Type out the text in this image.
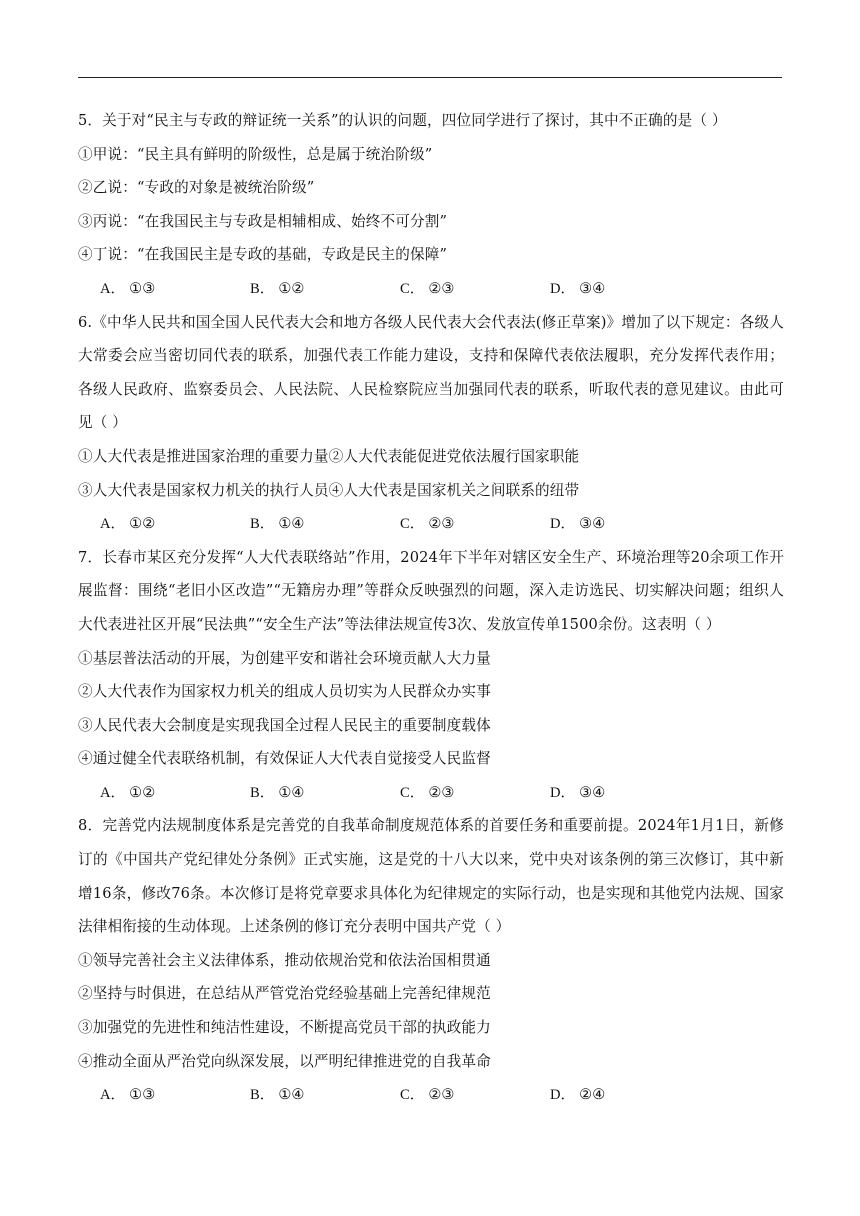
5．关于对“民主与专政的辩证统一关系”的认识的问题，四位同学进行了探讨，其中不正确的是（ ）
①甲说：“民主具有鲜明的阶级性，总是属于统治阶级”
②乙说：“专政的对象是被统治阶级”
③丙说：“在我国民主与专政是相辅相成、始终不可分割”
④丁说：“在我国民主是专政的基础，专政是民主的保障”
A． ①③	B． ①②	C． ②③	D． ③④
6.《中华人民共和国全国人民代表大会和地方各级人民代表大会代表法(修正草案)》增加了以下规定：各级人大常委会应当密切同代表的联系，加强代表工作能力建设，支持和保障代表依法履职，充分发挥代表作用；各级人民政府、监察委员会、人民法院、人民检察院应当加强同代表的联系，听取代表的意见建议。由此可见（ ）
①人大代表是推进国家治理的重要力量②人大代表能促进党依法履行国家职能
③人大代表是国家权力机关的执行人员④人大代表是国家机关之间联系的纽带
A． ①②	B． ①④	C． ②③	D． ③④
7．长春市某区充分发挥“人大代表联络站”作用，2024年下半年对辖区安全生产、环境治理等20余项工作开展监督：围绕“老旧小区改造”“无籍房办理”等群众反映强烈的问题，深入走访选民、切实解决问题；组织人大代表进社区开展“民法典”“安全生产法”等法律法规宣传3次、发放宣传单1500余份。这表明（ ）
①基层普法活动的开展，为创建平安和谐社会环境贡献人大力量
②人大代表作为国家权力机关的组成人员切实为人民群众办实事
③人民代表大会制度是实现我国全过程人民民主的重要制度载体
④通过健全代表联络机制，有效保证人大代表自觉接受人民监督
A． ①②	B． ①④	C． ②③	D． ③④
8．完善党内法规制度体系是完善党的自我革命制度规范体系的首要任务和重要前提。2024年1月1日，新修订的《中国共产党纪律处分条例》正式实施，这是党的十八大以来，党中央对该条例的第三次修订，其中新增16条，修改76条。本次修订是将党章要求具体化为纪律规定的实际行动，也是实现和其他党内法规、国家法律相衔接的生动体现。上述条例的修订充分表明中国共产党（ ）
①领导完善社会主义法律体系，推动依规治党和依法治国相贯通
②坚持与时俱进，在总结从严管党治党经验基础上完善纪律规范
③加强党的先进性和纯洁性建设，不断提高党员干部的执政能力
④推动全面从严治党向纵深发展，以严明纪律推进党的自我革命
A． ①③	B． ①④	C． ②③	D． ②④
